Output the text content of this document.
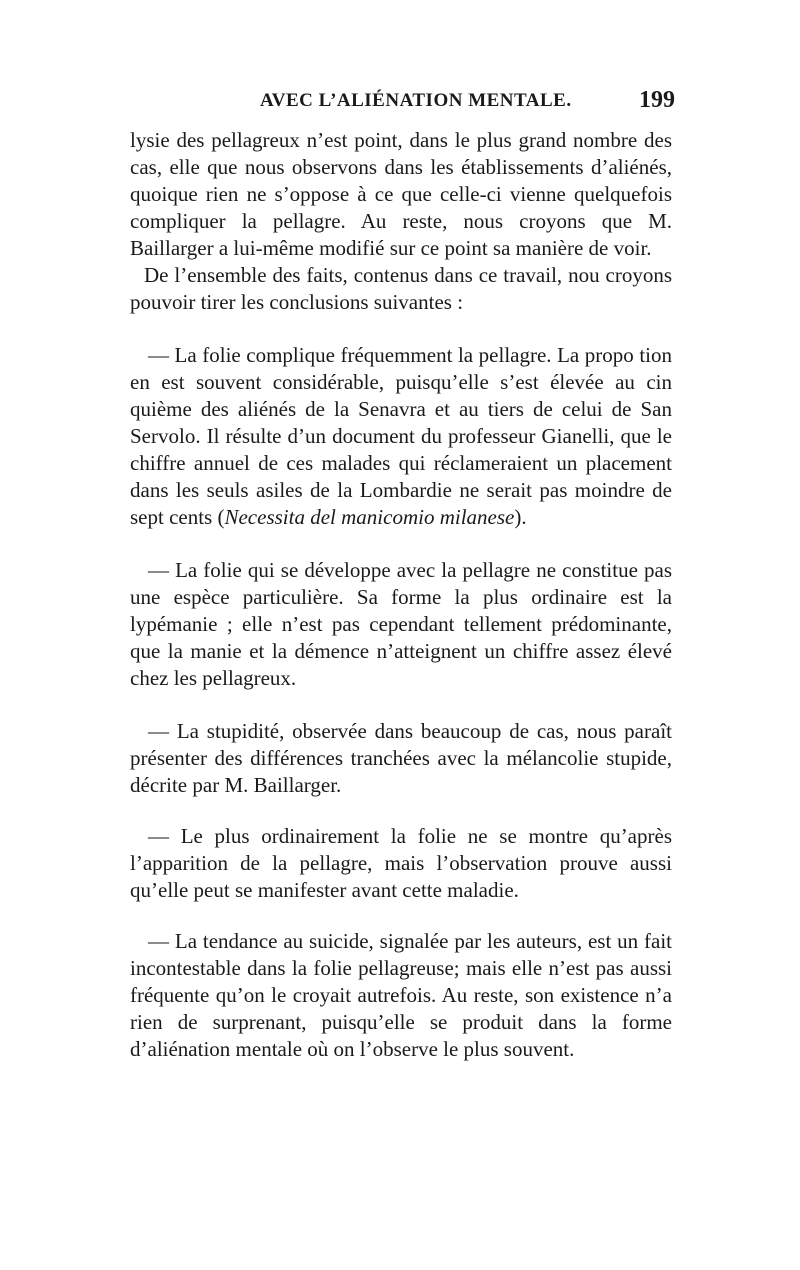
AVEC L’ALIÉNATION MENTALE.	199

lysie des pellagreux n’est point, dans le plus grand nombre des cas, elle que nous observons dans les établissements d’aliénés, quoique rien ne s’oppose à ce que celle-ci vienne quelquefois compliquer la pellagre. Au reste, nous croyons que M. Baillarger a lui-même modifié sur ce point sa manière de voir.

De l’ensemble des faits, contenus dans ce travail, nou croyons pouvoir tirer les conclusions suivantes :

— La folie complique fréquemment la pellagre. La propo tion en est souvent considérable, puisqu’elle s’est élevée au cin quième des aliénés de la Senavra et au tiers de celui de San Servolo. Il résulte d’un document du professeur Gianelli, que le chiffre annuel de ces malades qui réclameraient un placement dans les seuls asiles de la Lombardie ne serait pas moindre de sept cents (Necessita del manicomio milanese).

— La folie qui se développe avec la pellagre ne constitue pas une espèce particulière. Sa forme la plus ordinaire est la lypémanie ; elle n’est pas cependant tellement prédominante, que la manie et la démence n’atteignent un chiffre assez élevé chez les pellagreux.

— La stupidité, observée dans beaucoup de cas, nous paraît présenter des différences tranchées avec la mélancolie stupide, décrite par M. Baillarger.

— Le plus ordinairement la folie ne se montre qu’après l’apparition de la pellagre, mais l’observation prouve aussi qu’elle peut se manifester avant cette maladie.

— La tendance au suicide, signalée par les auteurs, est un fait incontestable dans la folie pellagreuse; mais elle n’est pas aussi fréquente qu’on le croyait autrefois. Au reste, son existence n’a rien de surprenant, puisqu’elle se produit dans la forme d’aliénation mentale où on l’observe le plus souvent.
